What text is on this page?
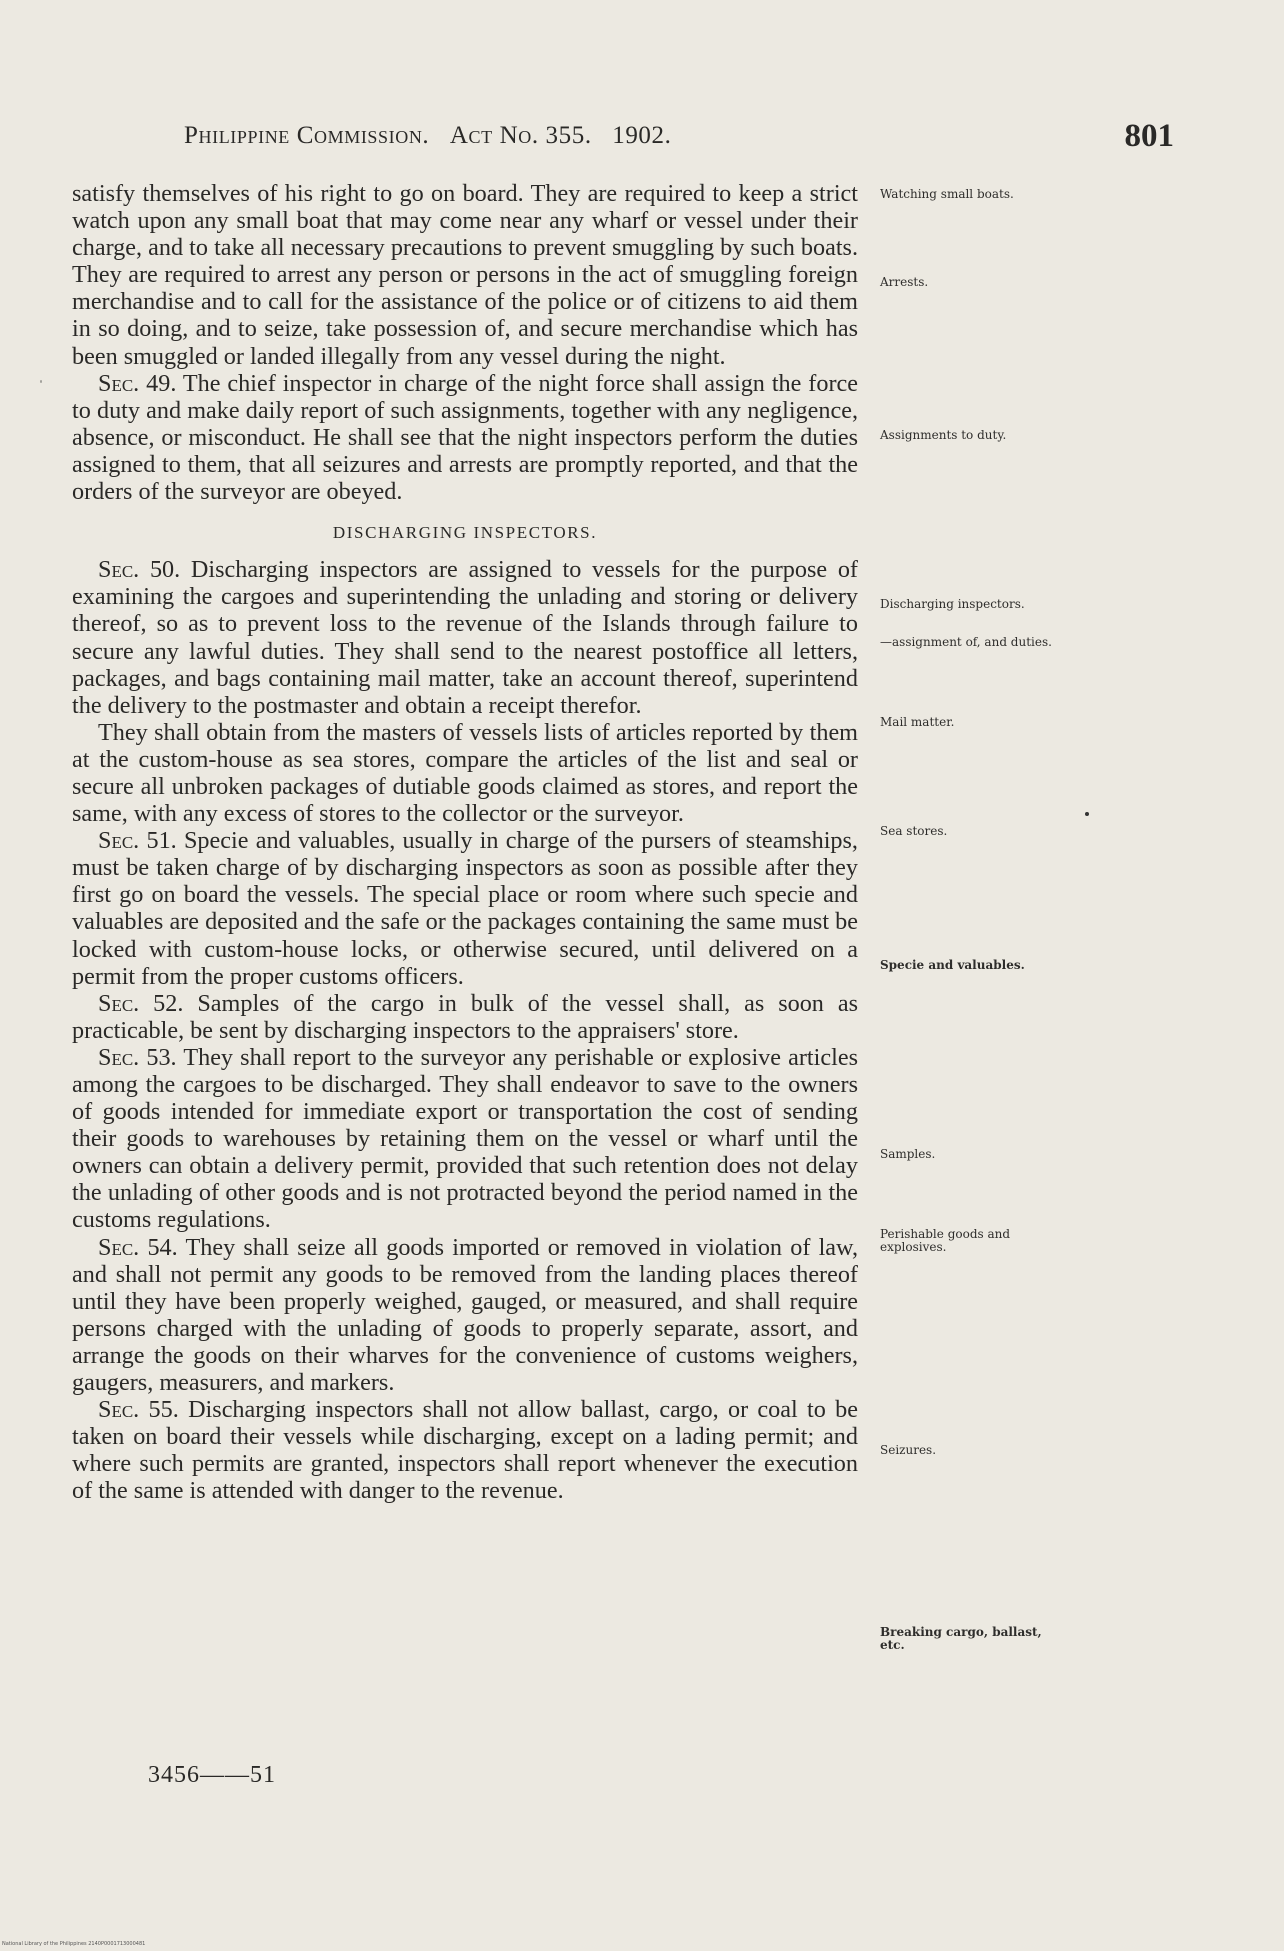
Philippine Commission. Act No. 355. 1902.	801

satisfy themselves of his right to go on board. They are required to keep a strict watch upon any small boat that may come near any wharf or vessel under their charge, and to take all necessary precautions to prevent smuggling by such boats. They are required to arrest any person or persons in the act of smuggling foreign merchandise and to call for the assistance of the police or of citizens to aid them in so doing, and to seize, take possession of, and secure merchandise which has been smuggled or landed illegally from any vessel during the night.

Sec. 49. The chief inspector in charge of the night force shall assign the force to duty and make daily report of such assignments, together with any negligence, absence, or misconduct. He shall see that the night inspectors perform the duties assigned to them, that all seizures and arrests are promptly reported, and that the orders of the surveyor are obeyed.

DISCHARGING INSPECTORS.

Sec. 50. Discharging inspectors are assigned to vessels for the purpose of examining the cargoes and superintending the unlading and storing or delivery thereof, so as to prevent loss to the revenue of the Islands through failure to secure any lawful duties. They shall send to the nearest postoffice all letters, packages, and bags containing mail matter, take an account thereof, superintend the delivery to the postmaster and obtain a receipt therefor.

They shall obtain from the masters of vessels lists of articles reported by them at the custom-house as sea stores, compare the articles of the list and seal or secure all unbroken packages of dutiable goods claimed as stores, and report the same, with any excess of stores to the collector or the surveyor.

Sec. 51. Specie and valuables, usually in charge of the pursers of steamships, must be taken charge of by discharging inspectors as soon as possible after they first go on board the vessels. The special place or room where such specie and valuables are deposited and the safe or the packages containing the same must be locked with custom-house locks, or otherwise secured, until delivered on a permit from the proper customs officers.

Sec. 52. Samples of the cargo in bulk of the vessel shall, as soon as practicable, be sent by discharging inspectors to the appraisers' store.

Sec. 53. They shall report to the surveyor any perishable or explosive articles among the cargoes to be discharged. They shall endeavor to save to the owners of goods intended for immediate export or transportation the cost of sending their goods to warehouses by retaining them on the vessel or wharf until the owners can obtain a delivery permit, provided that such retention does not delay the unlading of other goods and is not protracted beyond the period named in the customs regulations.

Sec. 54. They shall seize all goods imported or removed in violation of law, and shall not permit any goods to be removed from the landing places thereof until they have been properly weighed, gauged, or measured, and shall require persons charged with the unlading of goods to properly separate, assort, and arrange the goods on their wharves for the convenience of customs weighers, gaugers, measurers, and markers.

Sec. 55. Discharging inspectors shall not allow ballast, cargo, or coal to be taken on board their vessels while discharging, except on a lading permit; and where such permits are granted, inspectors shall report whenever the execution of the same is attended with danger to the revenue.

Watching small boats.
Arrests.
Assignments to duty.
Discharging inspectors.
—assignment of, and duties.
Mail matter.
Sea stores.
Specie and valuables.
Samples.
Perishable goods and explosives.
Seizures.
Breaking cargo, ballast, etc.
3456——51
National Library of the Philippines 2140P0001713000481
